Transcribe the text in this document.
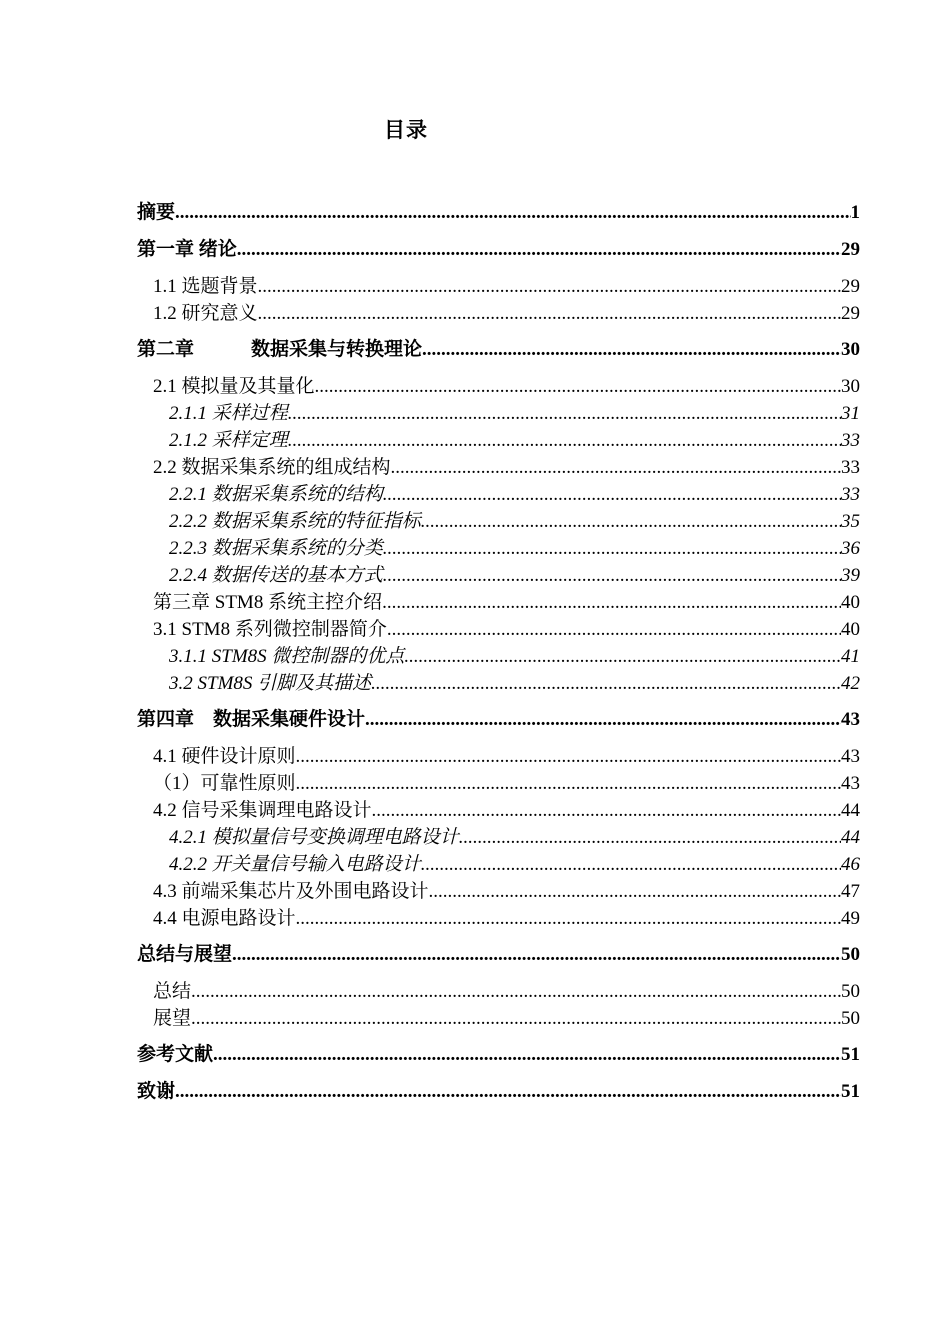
目录
摘要 .....	1
第一章 绪论 .....	29
1.1 选题背景 .....	29
1.2 研究意义 .....	29
第二章　　　数据采集与转换理论 .....	30
2.1 模拟量及其量化 .....	30
2.1.1 采样过程 .....	31
2.1.2 采样定理 .....	33
2.2 数据采集系统的组成结构 .....	33
2.2.1 数据采集系统的结构 .....	33
2.2.2 数据采集系统的特征指标 .....	35
2.2.3 数据采集系统的分类 .....	36
2.2.4 数据传送的基本方式 .....	39
第三章 STM8 系统主控介绍 .....	40
3.1 STM8 系列微控制器简介 .....	40
3.1.1 STM8S 微控制器的优点 .....	41
3.2 STM8S 引脚及其描述 .....	42
第四章　数据采集硬件设计 .....	43
4.1 硬件设计原则 .....	43
（1）可靠性原则 .....	43
4.2 信号采集调理电路设计 .....	44
4.2.1 模拟量信号变换调理电路设计 .....	44
4.2.2 开关量信号输入电路设计 .....	46
4.3 前端采集芯片及外围电路设计 .....	47
4.4 电源电路设计 .....	49
总结与展望 .....	50
总结 .....	50
展望 .....	50
参考文献 .....	51
致谢 .....	51
